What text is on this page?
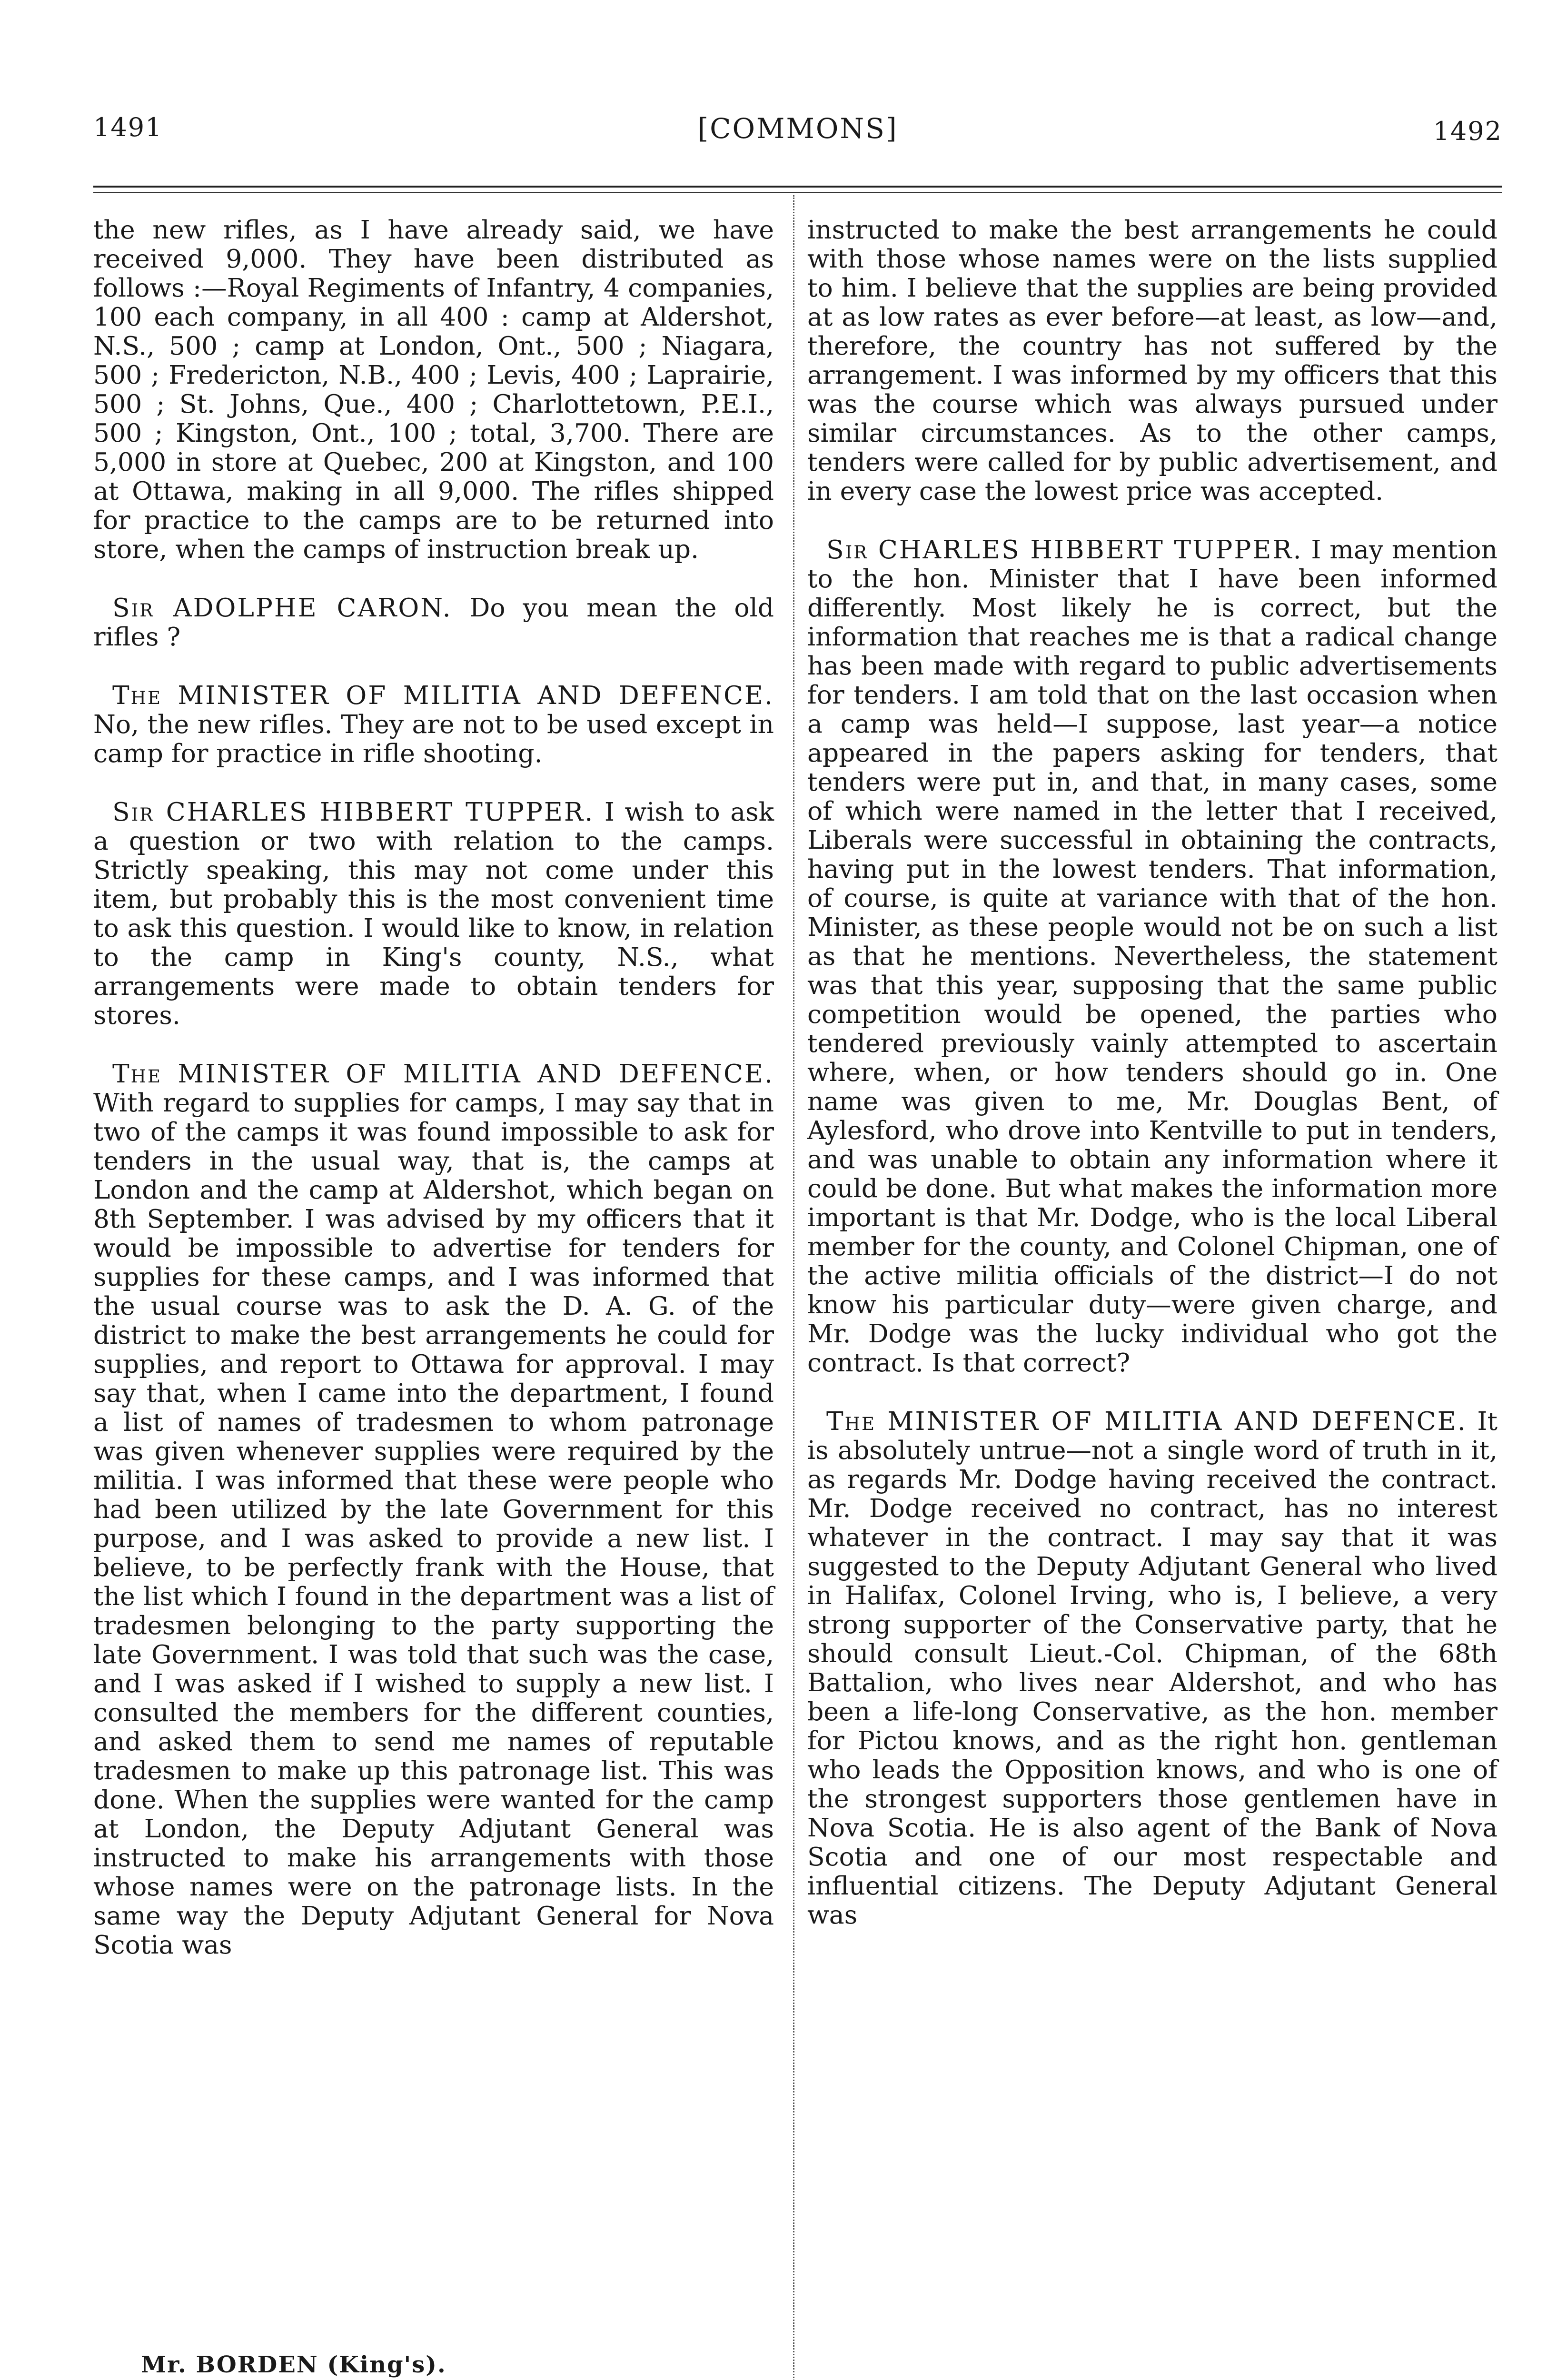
1491	[COMMONS]	1492

the new rifles, as I have already said, we have received 9,000. They have been distributed as follows :—Royal Regiments of Infantry, 4 companies, 100 each company, in all 400 : camp at Aldershot, N.S., 500 ; camp at London, Ont., 500 ; Niagara, 500 ; Fredericton, N.B., 400 ; Levis, 400 ; Laprairie, 500 ; St. Johns, Que., 400 ; Charlottetown, P.E.I., 500 ; Kingston, Ont., 100 ; total, 3,700. There are 5,000 in store at Quebec, 200 at Kingston, and 100 at Ottawa, making in all 9,000. The rifles shipped for practice to the camps are to be returned into store, when the camps of instruction break up.

Sir ADOLPHE CARON. Do you mean the old rifles ?

The MINISTER OF MILITIA AND DEFENCE. No, the new rifles. They are not to be used except in camp for practice in rifle shooting.

Sir CHARLES HIBBERT TUPPER. I wish to ask a question or two with relation to the camps. Strictly speaking, this may not come under this item, but probably this is the most convenient time to ask this question. I would like to know, in relation to the camp in King's county, N.S., what arrangements were made to obtain tenders for stores.

The MINISTER OF MILITIA AND DEFENCE. With regard to supplies for camps, I may say that in two of the camps it was found impossible to ask for tenders in the usual way, that is, the camps at London and the camp at Aldershot, which began on 8th September. I was advised by my officers that it would be impossible to advertise for tenders for supplies for these camps, and I was informed that the usual course was to ask the D. A. G. of the district to make the best arrangements he could for supplies, and report to Ottawa for approval. I may say that, when I came into the department, I found a list of names of tradesmen to whom patronage was given whenever supplies were required by the militia. I was informed that these were people who had been utilized by the late Government for this purpose, and I was asked to provide a new list. I believe, to be perfectly frank with the House, that the list which I found in the department was a list of tradesmen belonging to the party supporting the late Government. I was told that such was the case, and I was asked if I wished to supply a new list. I consulted the members for the different counties, and asked them to send me names of reputable tradesmen to make up this patronage list. This was done. When the supplies were wanted for the camp at London, the Deputy Adjutant General was instructed to make his arrangements with those whose names were on the patronage lists. In the same way the Deputy Adjutant General for Nova Scotia was

instructed to make the best arrangements he could with those whose names were on the lists supplied to him. I believe that the supplies are being provided at as low rates as ever before—at least, as low—and, therefore, the country has not suffered by the arrangement. I was informed by my officers that this was the course which was always pursued under similar circumstances. As to the other camps, tenders were called for by public advertisement, and in every case the lowest price was accepted.

Sir CHARLES HIBBERT TUPPER. I may mention to the hon. Minister that I have been informed differently. Most likely he is correct, but the information that reaches me is that a radical change has been made with regard to public advertisements for tenders. I am told that on the last occasion when a camp was held—I suppose, last year—a notice appeared in the papers asking for tenders, that tenders were put in, and that, in many cases, some of which were named in the letter that I received, Liberals were successful in obtaining the contracts, having put in the lowest tenders. That information, of course, is quite at variance with that of the hon. Minister, as these people would not be on such a list as that he mentions. Nevertheless, the statement was that this year, supposing that the same public competition would be opened, the parties who tendered previously vainly attempted to ascertain where, when, or how tenders should go in. One name was given to me, Mr. Douglas Bent, of Aylesford, who drove into Kentville to put in tenders, and was unable to obtain any information where it could be done. But what makes the information more important is that Mr. Dodge, who is the local Liberal member for the county, and Colonel Chipman, one of the active militia officials of the district—I do not know his particular duty—were given charge, and Mr. Dodge was the lucky individual who got the contract. Is that correct?

The MINISTER OF MILITIA AND DEFENCE. It is absolutely untrue—not a single word of truth in it, as regards Mr. Dodge having received the contract. Mr. Dodge received no contract, has no interest whatever in the contract. I may say that it was suggested to the Deputy Adjutant General who lived in Halifax, Colonel Irving, who is, I believe, a very strong supporter of the Conservative party, that he should consult Lieut.-Col. Chipman, of the 68th Battalion, who lives near Aldershot, and who has been a life-long Conservative, as the hon. member for Pictou knows, and as the right hon. gentleman who leads the Opposition knows, and who is one of the strongest supporters those gentlemen have in Nova Scotia. He is also agent of the Bank of Nova Scotia and one of our most respectable and influential citizens. The Deputy Adjutant General was

Mr. BORDEN (King's).
